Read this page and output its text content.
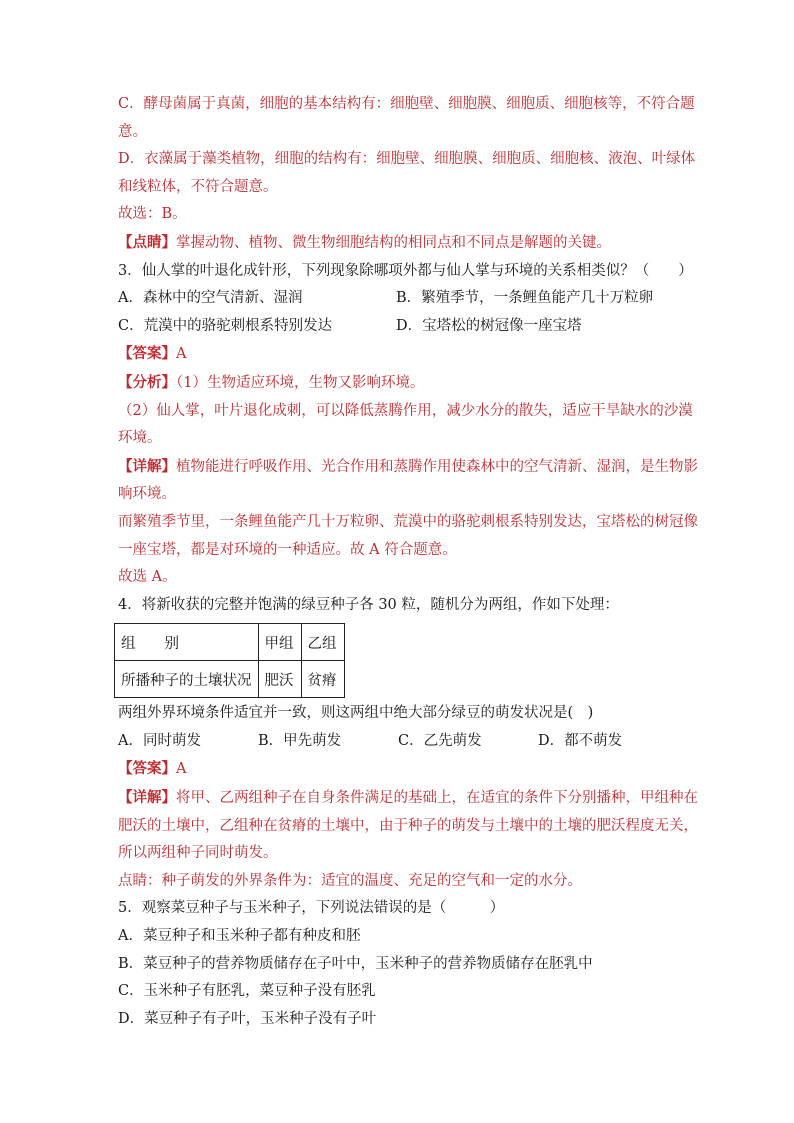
C．酵母菌属于真菌，细胞的基本结构有：细胞壁、细胞膜、细胞质、细胞核等，不符合题
意。
D．衣藻属于藻类植物，细胞的结构有：细胞壁、细胞膜、细胞质、细胞核、液泡、叶绿体
和线粒体，不符合题意。
故选：B。
【点睛】掌握动物、植物、微生物细胞结构的相同点和不同点是解题的关键。
3．仙人掌的叶退化成针形，下列现象除哪项外都与仙人掌与环境的关系相类似？（　　）
A．森林中的空气清新、湿润	B．繁殖季节，一条鲤鱼能产几十万粒卵
C．荒漠中的骆驼刺根系特别发达	D．宝塔松的树冠像一座宝塔
【答案】A
【分析】（1）生物适应环境，生物又影响环境。
（2）仙人掌，叶片退化成刺，可以降低蒸腾作用，减少水分的散失，适应干旱缺水的沙漠
环境。
【详解】植物能进行呼吸作用、光合作用和蒸腾作用使森林中的空气清新、湿润，是生物影
响环境。
而繁殖季节里，一条鲤鱼能产几十万粒卵、荒漠中的骆驼刺根系特别发达，宝塔松的树冠像
一座宝塔，都是对环境的一种适应。故 A 符合题意。
故选 A。
4．将新收获的完整并饱满的绿豆种子各 30 粒，随机分为两组，作如下处理：
组　　别	甲组	乙组
所播种子的土壤状况	肥沃	贫瘠
两组外界环境条件适宜并一致，则这两组中绝大部分绿豆的萌发状况是(　)
A．同时萌发	B．甲先萌发	C．乙先萌发	D．都不萌发
【答案】A
【详解】将甲、乙两组种子在自身条件满足的基础上，在适宜的条件下分别播种，甲组种在
肥沃的土壤中，乙组种在贫瘠的土壤中，由于种子的萌发与土壤中的土壤的肥沃程度无关，
所以两组种子同时萌发。
点睛：种子萌发的外界条件为：适宜的温度、充足的空气和一定的水分。
5．观察菜豆种子与玉米种子，下列说法错误的是（　　　）
A．菜豆种子和玉米种子都有种皮和胚
B．菜豆种子的营养物质储存在子叶中，玉米种子的营养物质储存在胚乳中
C．玉米种子有胚乳，菜豆种子没有胚乳
D．菜豆种子有子叶，玉米种子没有子叶
